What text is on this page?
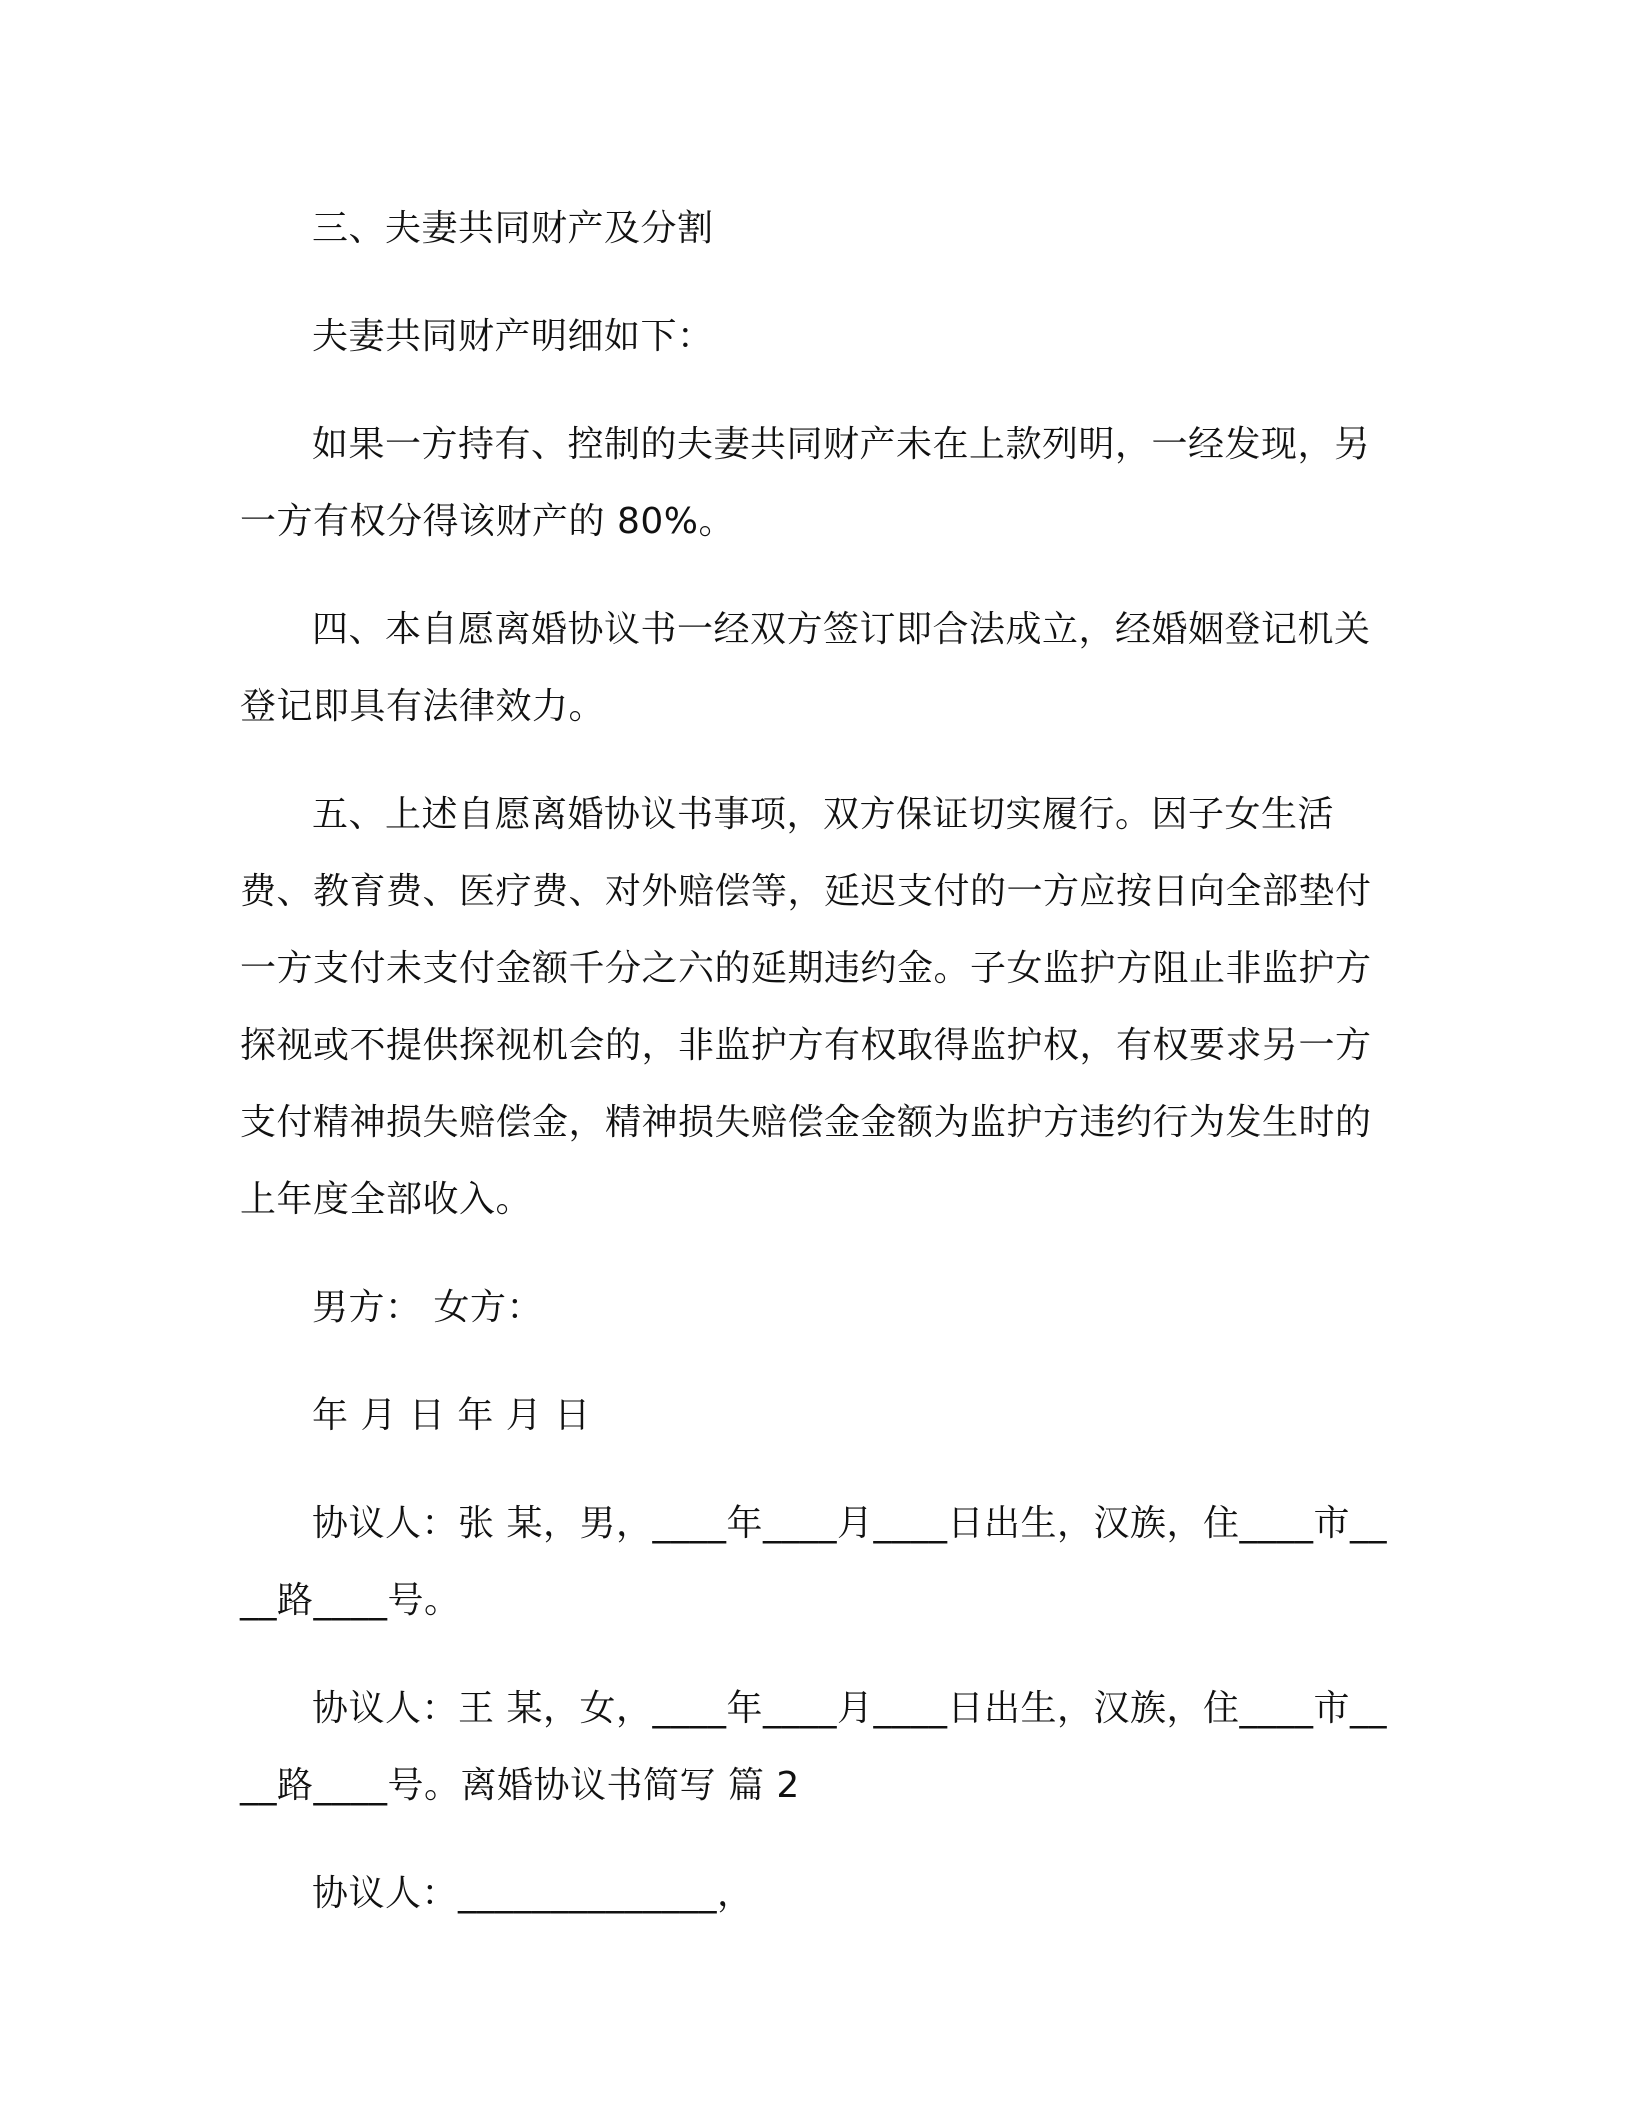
三、夫妻共同财产及分割

夫妻共同财产明细如下：

如果一方持有、控制的夫妻共同财产未在上款列明，一经发现，另一方有权分得该财产的 80%。

四、本自愿离婚协议书一经双方签订即合法成立，经婚姻登记机关登记即具有法律效力。

五、上述自愿离婚协议书事项，双方保证切实履行。因子女生活费、教育费、医疗费、对外赔偿等，延迟支付的一方应按日向全部垫付一方支付未支付金额千分之六的延期违约金。子女监护方阻止非监护方探视或不提供探视机会的，非监护方有权取得监护权，有权要求另一方支付精神损失赔偿金，精神损失赔偿金金额为监护方违约行为发生时的上年度全部收入。

男方： 女方：

年 月 日 年 月 日

协议人：张 某，男，____年____月____日出生，汉族，住____市____路____号。

协议人：王 某，女，____年____月____日出生，汉族，住____市____路____号。离婚协议书简写 篇 2

协议人：______________，
